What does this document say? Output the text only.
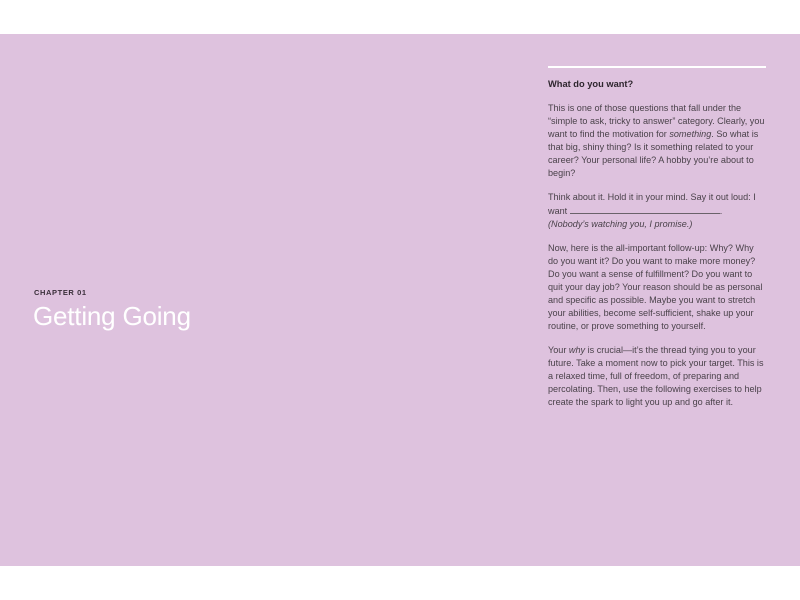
CHAPTER 01
Getting Going
What do you want?

This is one of those questions that fall under the “simple to ask, tricky to answer” category. Clearly, you want to find the motivation for something. So what is that big, shiny thing? Is it something related to your career? Your personal life? A hobby you’re about to begin?

Think about it. Hold it in your mind. Say it out loud: I want	.
(Nobody’s watching you, I promise.)

Now, here is the all-important follow-up: Why? Why do you want it? Do you want to make more money? Do you want a sense of fulfillment? Do you want to quit your day job? Your reason should be as personal and specific as possible. Maybe you want to stretch your abilities, become self-sufficient, shake up your routine, or prove something to yourself.

Your why is crucial—it’s the thread tying you to your future. Take a moment now to pick your target. This is a relaxed time, full of freedom, of preparing and percolating. Then, use the following exercises to help create the spark to light you up and go after it.
